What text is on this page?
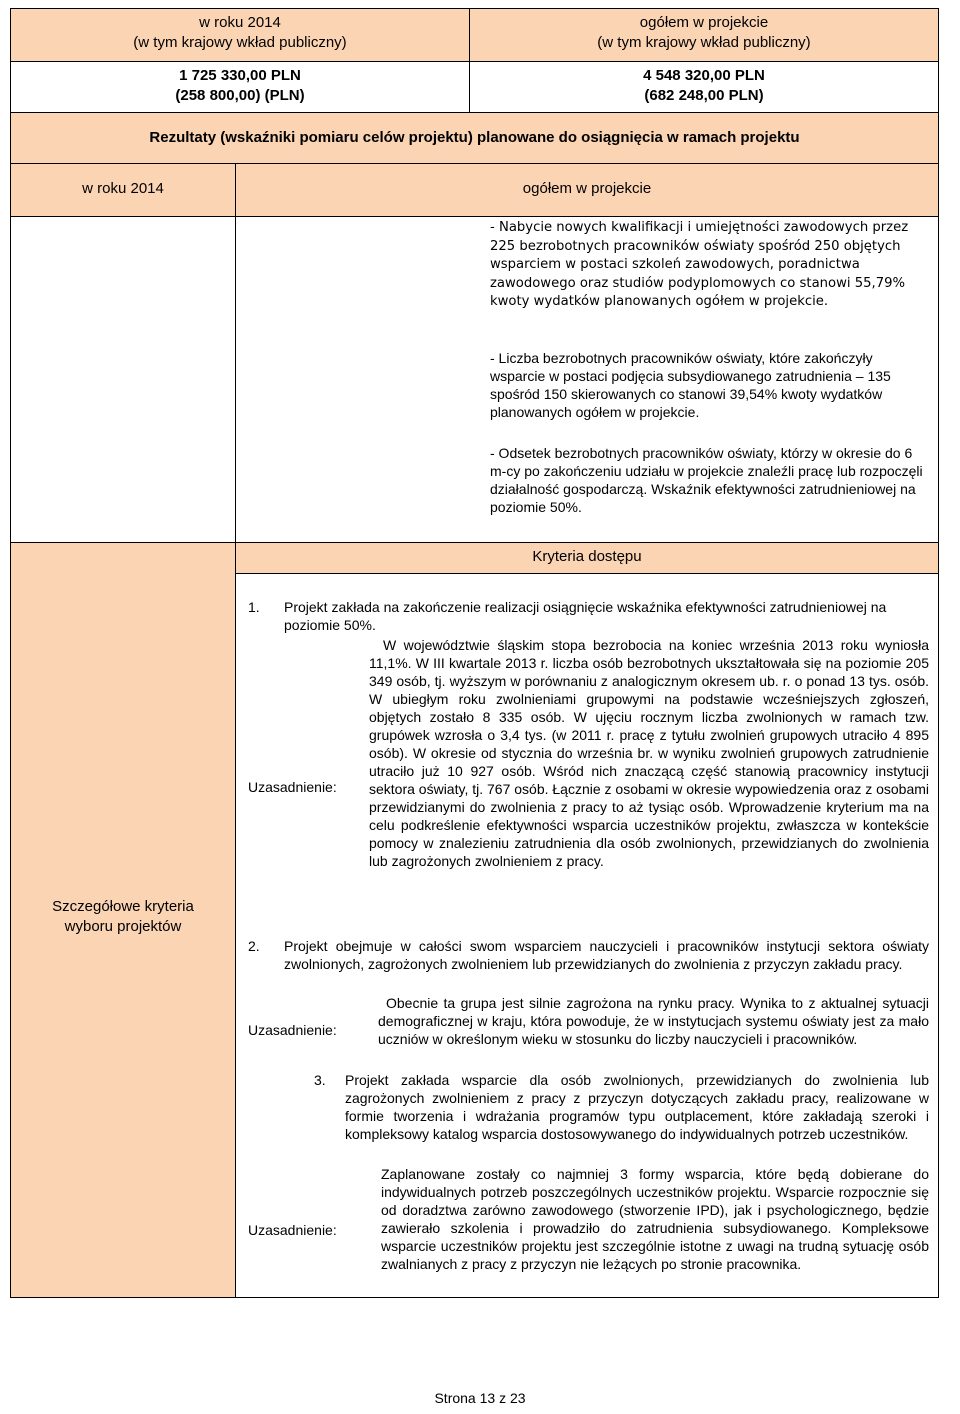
w roku 2014
(w tym krajowy wkład publiczny)
ogółem w projekcie
(w tym krajowy wkład publiczny)
1 725 330,00 PLN
(258 800,00) (PLN)
4 548 320,00 PLN
(682 248,00 PLN)
Rezultaty (wskaźniki pomiaru celów projektu) planowane do osiągnięcia w ramach projektu
w roku 2014	ogółem w projekcie

- Nabycie nowych kwalifikacji i umiejętności zawodowych przez 225 bezrobotnych pracowników oświaty spośród 250 objętych wsparciem w postaci szkoleń zawodowych, poradnictwa zawodowego oraz studiów podyplomowych co stanowi 55,79% kwoty wydatków planowanych ogółem w projekcie.

- Liczba bezrobotnych pracowników oświaty, które zakończyły wsparcie w postaci podjęcia subsydiowanego zatrudnienia – 135 spośród 150 skierowanych co stanowi 39,54% kwoty wydatków planowanych ogółem w projekcie.

- Odsetek bezrobotnych pracowników oświaty, którzy w okresie do 6 m-cy po zakończeniu udziału w projekcie znaleźli pracę lub rozpoczęli działalność gospodarczą. Wskaźnik efektywności zatrudnieniowej na poziomie 50%.

Kryteria dostępu
Szczegółowe kryteria wyboru projektów
1. Projekt zakłada na zakończenie realizacji osiągnięcie wskaźnika efektywności zatrudnieniowej na poziomie 50%.

Uzasadnienie:

W województwie śląskim stopa bezrobocia na koniec września 2013 roku wyniosła 11,1%. W III kwartale 2013 r. liczba osób bezrobotnych ukształtowała się na poziomie 205 349 osób, tj. wyższym w porównaniu z analogicznym okresem ub. r. o ponad 13 tys. osób. W ubiegłym roku zwolnieniami grupowymi na podstawie wcześniejszych zgłoszeń, objętych zostało 8 335 osób. W ujęciu rocznym liczba zwolnionych w ramach tzw. grupówek wzrosła o 3,4 tys. (w 2011 r. pracę z tytułu zwolnień grupowych utraciło 4 895 osób). W okresie od stycznia do września br. w wyniku zwolnień grupowych zatrudnienie utraciło już 10 927 osób. Wśród nich znaczącą część stanowią pracownicy instytucji sektora oświaty, tj. 767 osób. Łącznie z osobami w okresie wypowiedzenia oraz z osobami przewidzianymi do zwolnienia z pracy to aż tysiąc osób. Wprowadzenie kryterium ma na celu podkreślenie efektywności wsparcia uczestników projektu, zwłaszcza w kontekście pomocy w znalezieniu zatrudnienia dla osób zwolnionych, przewidzianych do zwolnienia lub zagrożonych zwolnieniem z pracy.

2. Projekt obejmuje w całości swom wsparciem nauczycieli i pracowników instytucji sektora oświaty zwolnionych, zagrożonych zwolnieniem lub przewidzianych do zwolnienia z przyczyn zakładu pracy.

Uzasadnienie:

Obecnie ta grupa jest silnie zagrożona na rynku pracy. Wynika to z aktualnej sytuacji demograficznej w kraju, która powoduje, że w instytucjach systemu oświaty jest za mało uczniów w określonym wieku w stosunku do liczby nauczycieli i pracowników.

3. Projekt zakłada wsparcie dla osób zwolnionych, przewidzianych do zwolnienia lub zagrożonych zwolnieniem z pracy z przyczyn dotyczących zakładu pracy, realizowane w formie tworzenia i wdrażania programów typu outplacement, które zakładają szeroki i kompleksowy katalog wsparcia dostosowywanego do indywidualnych potrzeb uczestników.

Uzasadnienie:

Zaplanowane zostały co najmniej 3 formy wsparcia, które będą dobierane do indywidualnych potrzeb poszczególnych uczestników projektu. Wsparcie rozpocznie się od doradztwa zarówno zawodowego (stworzenie IPD), jak i psychologicznego, będzie zawierało szkolenia i prowadziło do zatrudnienia subsydiowanego. Kompleksowe wsparcie uczestników projektu jest szczególnie istotne z uwagi na trudną sytuację osób zwalnianych z pracy z przyczyn nie leżących po stronie pracownika.

Strona 13 z 23
